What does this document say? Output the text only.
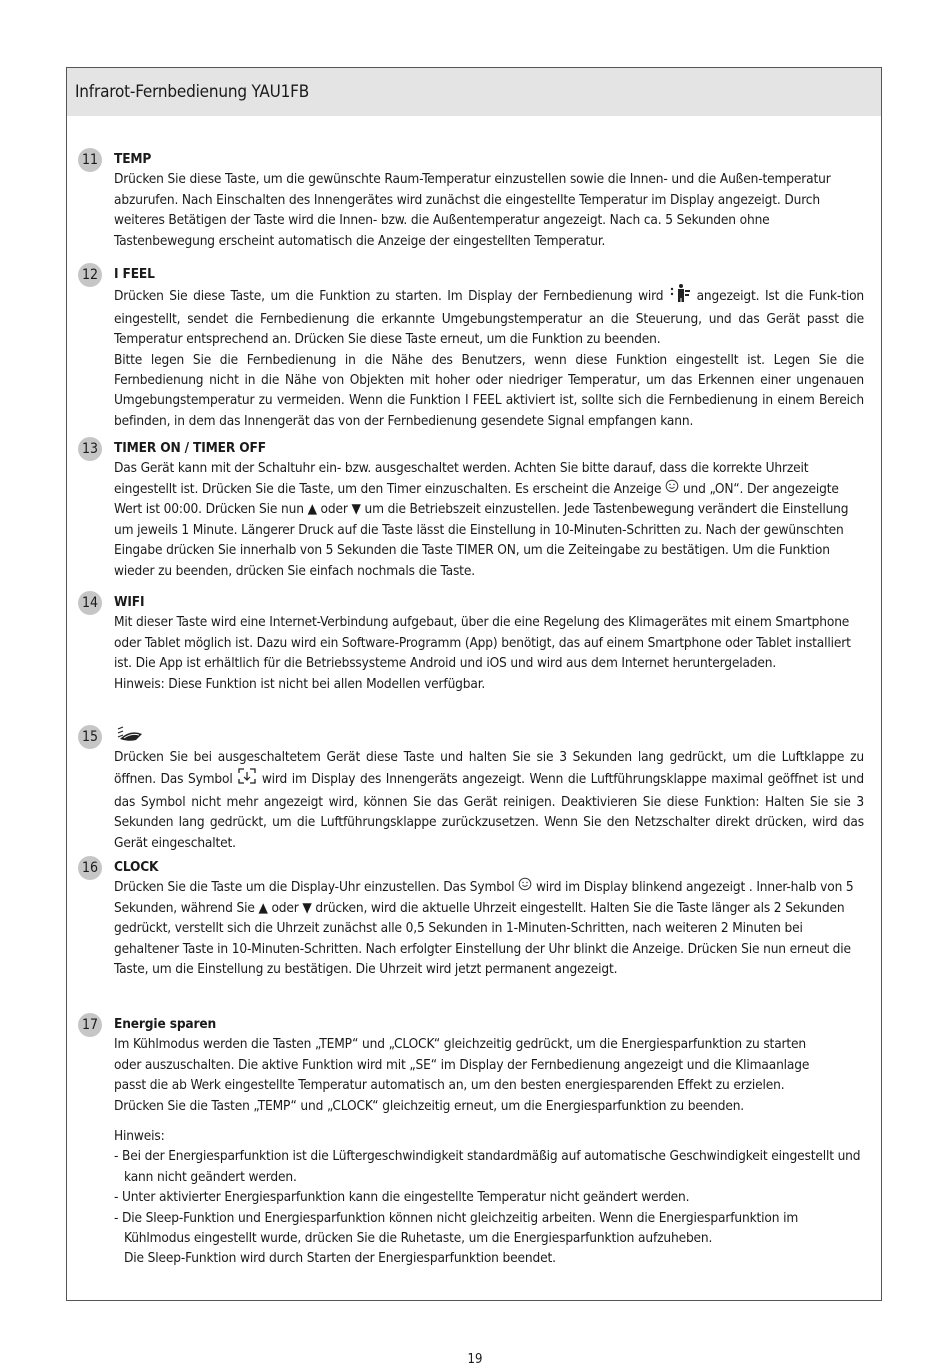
Infrarot-Fernbedienung YAU1FB
11 TEMP

Drücken Sie diese Taste, um die gewünschte Raum-Temperatur einzustellen sowie die Innen- und die Außen-temperatur abzurufen. Nach Einschalten des Innengerätes wird zunächst die eingestellte Temperatur im Display angezeigt. Durch weiteres Betätigen der Taste wird die Innen- bzw. die Außentemperatur angezeigt. Nach ca. 5 Sekunden ohne Tastenbewegung erscheint automatisch die Anzeige der eingestellten Temperatur.

12 I FEEL

Drücken Sie diese Taste, um die Funktion zu starten. Im Display der Fernbedienung wird angezeigt. Ist die Funk-tion eingestellt, sendet die Fernbedienung die erkannte Umgebungstemperatur an die Steuerung, und das Gerät passt die Temperatur entsprechend an. Drücken Sie diese Taste erneut, um die Funktion zu beenden.

Bitte legen Sie die Fernbedienung in die Nähe des Benutzers, wenn diese Funktion eingestellt ist. Legen Sie die Fernbedienung nicht in die Nähe von Objekten mit hoher oder niedriger Temperatur, um das Erkennen einer ungenauen Umgebungstemperatur zu vermeiden. Wenn die Funktion I FEEL aktiviert ist, sollte sich die Fernbedienung in einem Bereich befinden, in dem das Innengerät das von der Fernbedienung gesendete Signal empfangen kann.

13 TIMER ON / TIMER OFF

Das Gerät kann mit der Schaltuhr ein- bzw. ausgeschaltet werden. Achten Sie bitte darauf, dass die korrekte Uhrzeit eingestellt ist. Drücken Sie die Taste, um den Timer einzuschalten. Es erscheint die Anzeige und „ON“. Der angezeigte Wert ist 00:00. Drücken Sie nun ▲ oder ▼ um die Betriebszeit einzustellen. Jede Tastenbewegung verändert die Einstellung um jeweils 1 Minute. Längerer Druck auf die Taste lässt die Einstellung in 10-Minuten-Schritten zu. Nach der gewünschten Eingabe drücken Sie innerhalb von 5 Sekunden die Taste TIMER ON, um die Zeiteingabe zu bestätigen. Um die Funktion wieder zu beenden, drücken Sie einfach nochmals die Taste.

14 WIFI

Mit dieser Taste wird eine Internet-Verbindung aufgebaut, über die eine Regelung des Klimagerätes mit einem Smartphone oder Tablet möglich ist. Dazu wird ein Software-Programm (App) benötigt, das auf einem Smartphone oder Tablet installiert ist. Die App ist erhältlich für die Betriebssysteme Android und iOS und wird aus dem Internet heruntergeladen.

Hinweis: Diese Funktion ist nicht bei allen Modellen verfügbar.

15

Drücken Sie bei ausgeschaltetem Gerät diese Taste und halten Sie sie 3 Sekunden lang gedrückt, um die Luftklappe zu öffnen. Das Symbol wird im Display des Innengeräts angezeigt. Wenn die Luftführungsklappe maximal geöffnet ist und das Symbol nicht mehr angezeigt wird, können Sie das Gerät reinigen. Deaktivieren Sie diese Funktion: Halten Sie sie 3 Sekunden lang gedrückt, um die Luftführungsklappe zurückzusetzen. Wenn Sie den Netzschalter direkt drücken, wird das Gerät eingeschaltet.

16 CLOCK

Drücken Sie die Taste um die Display-Uhr einzustellen. Das Symbol wird im Display blinkend angezeigt . Inner-halb von 5 Sekunden, während Sie ▲ oder ▼ drücken, wird die aktuelle Uhrzeit eingestellt. Halten Sie die Taste länger als 2 Sekunden gedrückt, verstellt sich die Uhrzeit zunächst alle 0,5 Sekunden in 1-Minuten-Schritten, nach weiteren 2 Minuten bei gehaltener Taste in 10-Minuten-Schritten. Nach erfolgter Einstellung der Uhr blinkt die Anzeige. Drücken Sie nun erneut die Taste, um die Einstellung zu bestätigen. Die Uhrzeit wird jetzt permanent angezeigt.

17 Energie sparen

Im Kühlmodus werden die Tasten „TEMP“ und „CLOCK“ gleichzeitig gedrückt, um die Energiesparfunktion zu starten oder auszuschalten. Die aktive Funktion wird mit „SE“ im Display der Fernbedienung angezeigt und die Klimaanlage passt die ab Werk eingestellte Temperatur automatisch an, um den besten energiesparenden Effekt zu erzielen. Drücken Sie die Tasten „TEMP“ und „CLOCK“ gleichzeitig erneut, um die Energiesparfunktion zu beenden.

Hinweis:

- Bei der Energiesparfunktion ist die Lüftergeschwindigkeit standardmäßig auf automatische Geschwindigkeit eingestellt und kann nicht geändert werden.

- Unter aktivierter Energiesparfunktion kann die eingestellte Temperatur nicht geändert werden.

- Die Sleep-Funktion und Energiesparfunktion können nicht gleichzeitig arbeiten. Wenn die Energiesparfunktion im Kühlmodus eingestellt wurde, drücken Sie die Ruhetaste, um die Energiesparfunktion aufzuheben.

Die Sleep-Funktion wird durch Starten der Energiesparfunktion beendet.

19
